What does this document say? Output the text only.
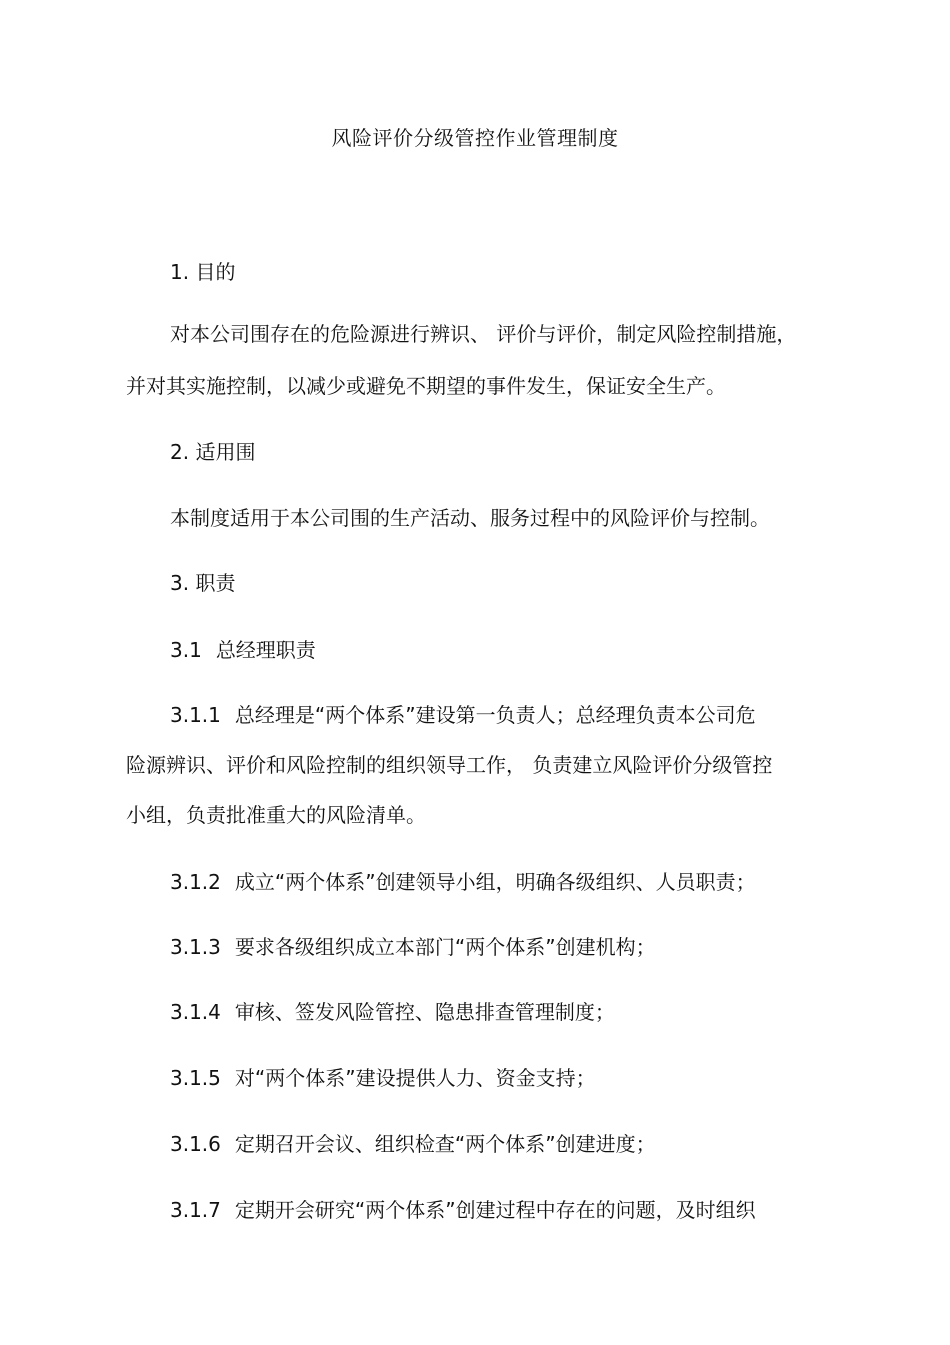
风险评价分级管控作业管理制度
1. 目的
对本公司围存在的危险源进行辨识、 评价与评价，制定风险控制措施，
并对其实施控制，以减少或避免不期望的事件发生，保证安全生产。
2. 适用围
本制度适用于本公司围的生产活动、服务过程中的风险评价与控制。
3. 职责
3.1 总经理职责
3.1.1 总经理是“两个体系”建设第一负责人；总经理负责本公司危
险源辨识、评价和风险控制的组织领导工作， 负责建立风险评价分级管控
小组，负责批准重大的风险清单。
3.1.2 成立“两个体系”创建领导小组，明确各级组织、人员职责；
3.1.3 要求各级组织成立本部门“两个体系”创建机构；
3.1.4 审核、签发风险管控、隐患排查管理制度；
3.1.5 对“两个体系”建设提供人力、资金支持；
3.1.6 定期召开会议、组织检查“两个体系”创建进度；
3.1.7 定期开会研究“两个体系”创建过程中存在的问题，及时组织
